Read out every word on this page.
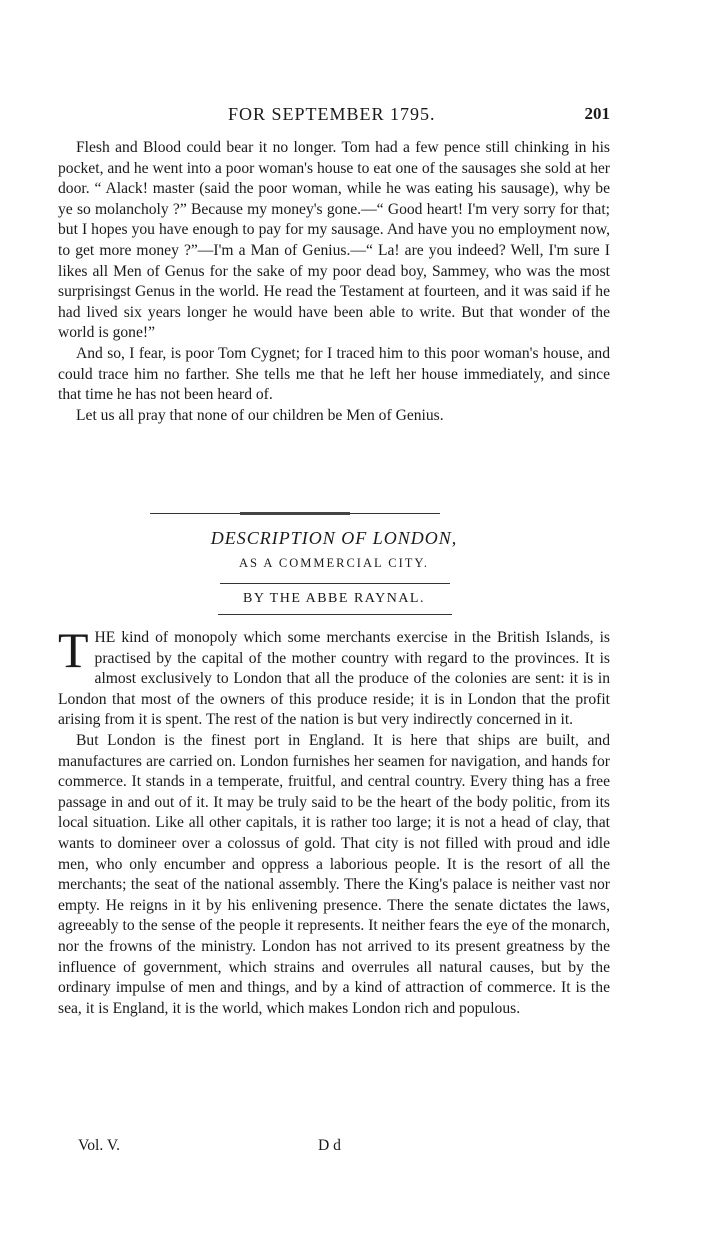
FOR SEPTEMBER 1795.	201

Flesh and Blood could bear it no longer. Tom had a few pence still chinking in his pocket, and he went into a poor woman's house to eat one of the sausages she sold at her door. “ Alack! master (said the poor woman, while he was eating his sausage), why be ye so molancholy ?” Because my money's gone.—“ Good heart! I'm very sorry for that; but I hopes you have enough to pay for my sausage. And have you no employment now, to get more money ?”—I'm a Man of Genius.—“ La! are you indeed? Well, I'm sure I likes all Men of Genus for the sake of my poor dead boy, Sammey, who was the most surprisingst Genus in the world. He read the Testament at fourteen, and it was said if he had lived six years longer he would have been able to write. But that wonder of the world is gone!”

And so, I fear, is poor Tom Cygnet; for I traced him to this poor woman's house, and could trace him no farther. She tells me that he left her house immediately, and since that time he has not been heard of.

Let us all pray that none of our children be Men of Genius.

DESCRIPTION OF LONDON,
AS A COMMERCIAL CITY.
BY THE ABBE RAYNAL.

THE kind of monopoly which some merchants exercise in the British Islands, is practised by the capital of the mother country with regard to the provinces. It is almost exclusively to London that all the produce of the colonies are sent: it is in London that most of the owners of this produce reside; it is in London that the profit arising from it is spent. The rest of the nation is but very indirectly concerned in it.

But London is the finest port in England. It is here that ships are built, and manufactures are carried on. London furnishes her seamen for navigation, and hands for commerce. It stands in a temperate, fruitful, and central country. Every thing has a free passage in and out of it. It may be truly said to be the heart of the body politic, from its local situation. Like all other capitals, it is rather too large; it is not a head of clay, that wants to domineer over a colossus of gold. That city is not filled with proud and idle men, who only encumber and oppress a laborious people. It is the resort of all the merchants; the seat of the national assembly. There the King's palace is neither vast nor empty. He reigns in it by his enlivening presence. There the senate dictates the laws, agreeably to the sense of the people it represents. It neither fears the eye of the monarch, nor the frowns of the ministry. London has not arrived to its present greatness by the influence of government, which strains and overrules all natural causes, but by the ordinary impulse of men and things, and by a kind of attraction of commerce. It is the sea, it is England, it is the world, which makes London rich and populous.

Vol. V.	D d
